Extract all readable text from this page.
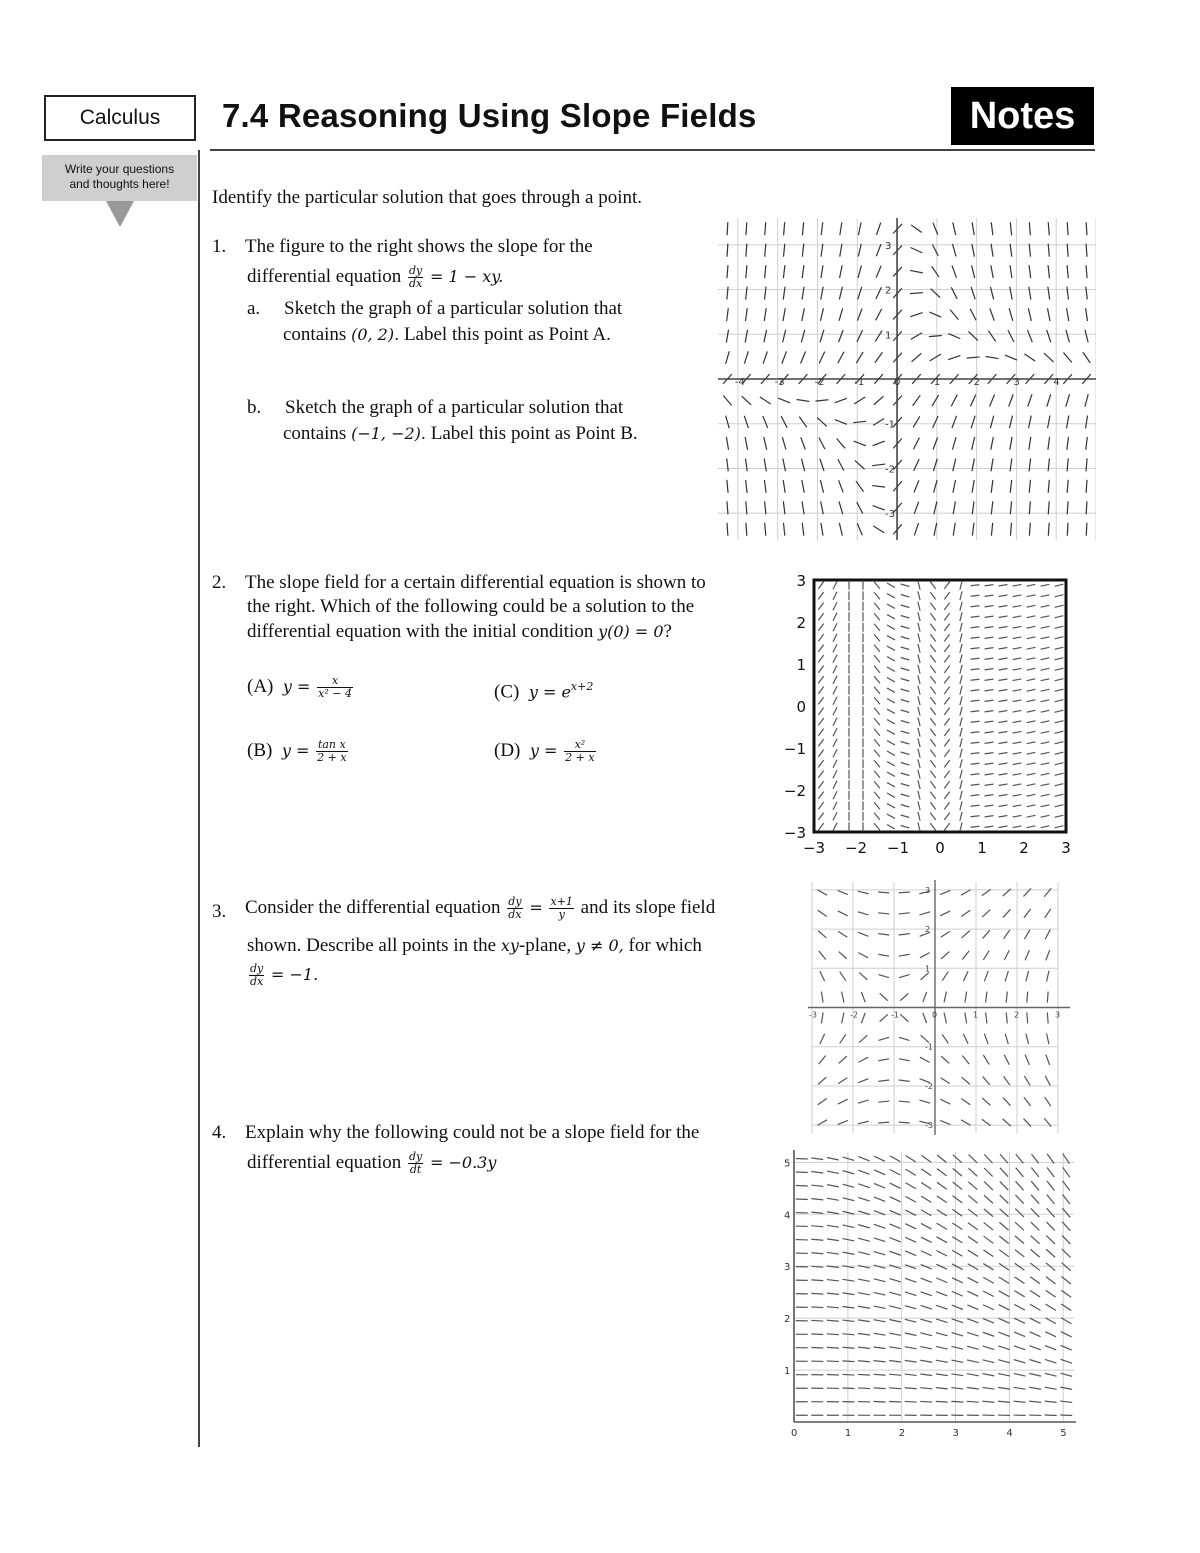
Calculus
Write your questions
and thoughts here!
7.4 Reasoning Using Slope Fields	Notes
Identify the particular solution that goes through a point.
1. The figure to the right shows the slope for the
differential equation $\frac{dy}{dx} = 1$ − xy.
a. Sketch the graph of a particular solution that
contains (0, 2). Label this point as Point A.
b. Sketch the graph of a particular solution that
contains (−1, −2). Label this point as Point B.
2. The slope field for a certain differential equation is shown to
the right. Which of the following could be a solution to the
differential equation with the initial condition y(0) = 0?
(A) $y = \frac{x}{\text{x² − 4}}$
(B) $y = \frac{\text{tan x}}{2 + x}$
(C) $y = e^{x+2}$
(D) $y = \frac{\text{x²}}{2 + x}$
3. Consider the differential equation $\frac{dy}{dx} = \frac{x+1}{y}$ and its slope field
shown. Describe all points in the xy-plane, y ≠ 0, for which
$\frac{dy}{dx} = -1$.
4. Explain why the following could not be a slope field for the
differential equation $\frac{dy}{dt} = -0.3y$
-4	-3	-2	-1	0	1	2	3	4
3
2
1
-1
-2
-3
−3 −2 −1 0 1 2 3
3
2
1
0
−1
−2
−3
-3	-2	-1	0	1	2	3
3
2
1
-1
-2
-3
0	1	2	3	4	5
5
4
3
2
1
